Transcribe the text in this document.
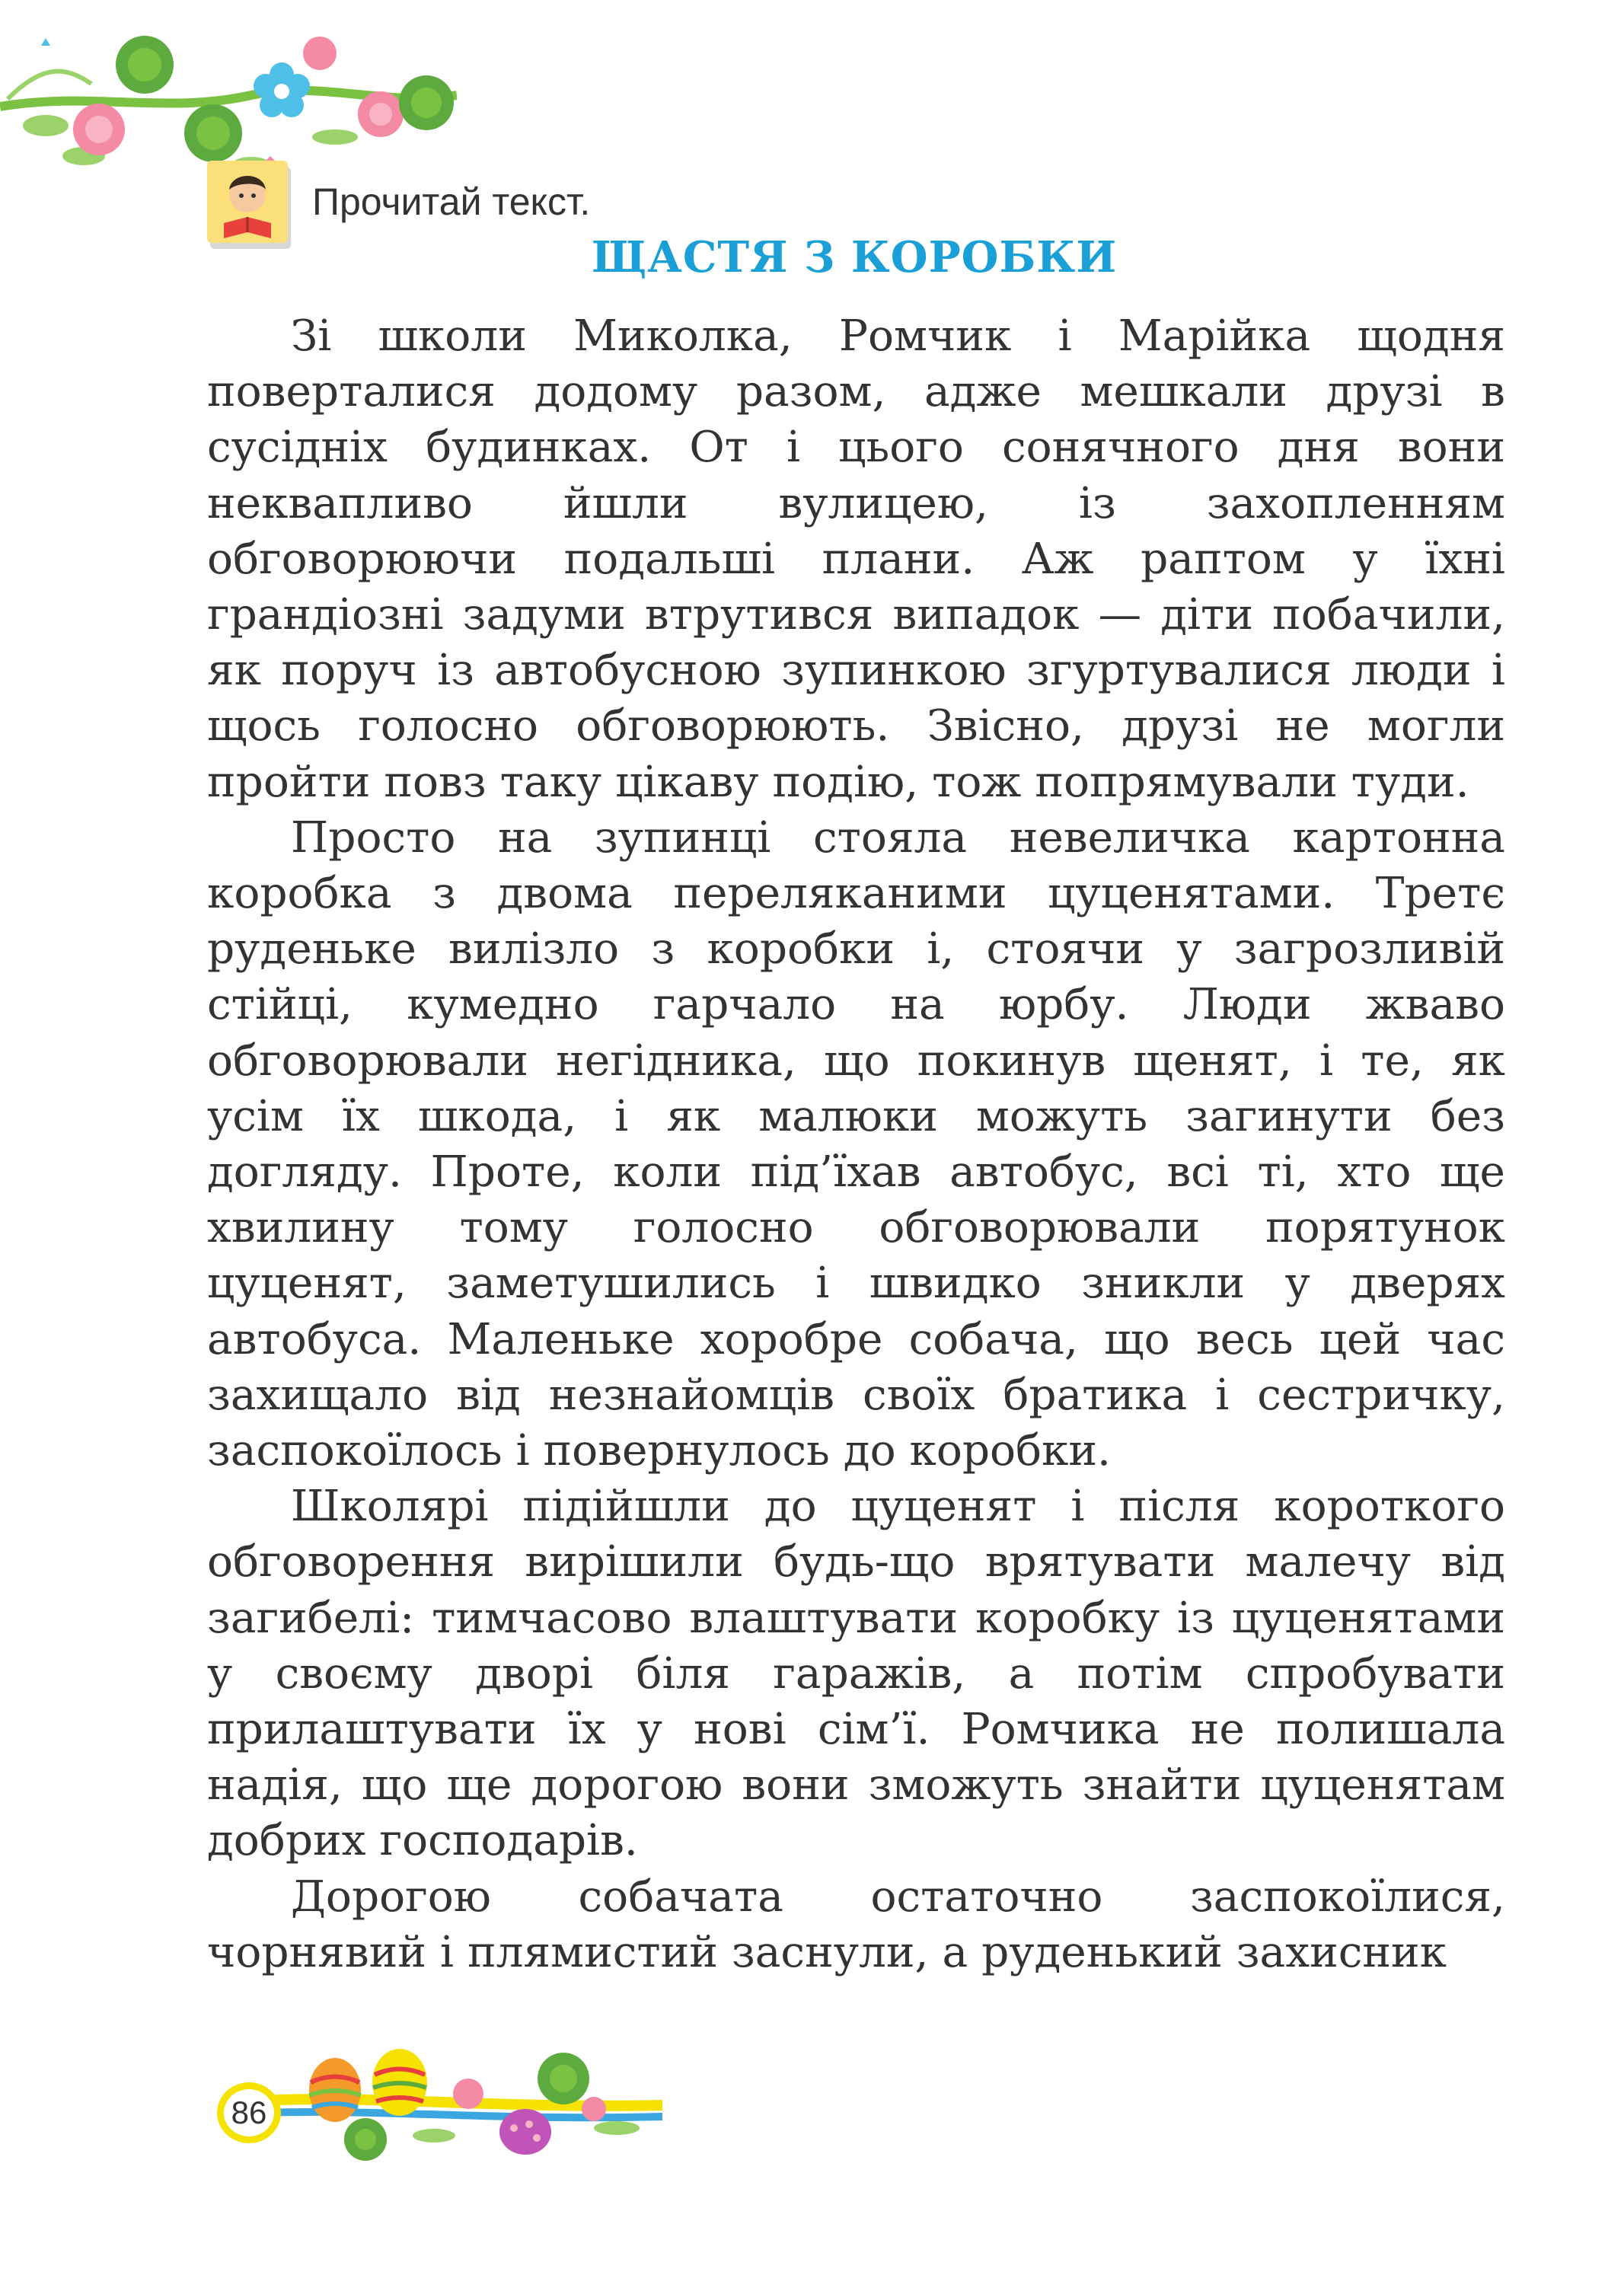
Прочитай текст.
ЩАСТЯ З КОРОБКИ

Зі школи Миколка, Ромчик і Марійка щодня поверталися додому разом, адже мешкали друзі в сусідніх будинках. От і цього сонячного дня вони неквапливо йшли вулицею, із захопленням обговорюючи подальші плани. Аж раптом у їхні грандіозні задуми втрутився випадок — діти побачили, як поруч із автобусною зупинкою згуртувалися люди і щось голосно обговорюють. Звісно, друзі не могли пройти повз таку цікаву подію, тож попрямували туди.

Просто на зупинці стояла невеличка картонна коробка з двома переляканими цуценятами. Третє руденьке вилізло з коробки і, стоячи у загрозливій стійці, кумедно гарчало на юрбу. Люди жваво обговорювали негідника, що покинув щенят, і те, як усім їх шкода, і як малюки можуть загинути без догляду. Проте, коли під’їхав автобус, всі ті, хто ще хвилину тому голосно обговорювали порятунок цуценят, заметушились і швидко зникли у дверях автобуса. Маленьке хоробре собача, що весь цей час захищало від незнайомців своїх братика і сестричку, заспокоїлось і повернулось до коробки.

Школярі підійшли до цуценят і після короткого обговорення вирішили будь-що врятувати малечу від загибелі: тимчасово влаштувати коробку із цуценятами у своєму дворі біля гаражів, а потім спробувати прилаштувати їх у нові сім’ї. Ромчика не полишала надія, що ще дорогою вони зможуть знайти цуценятам добрих господарів.

Дорогою собачата остаточно заспокоїлися, чорнявий і плямистий заснули, а руденький захисник

86
